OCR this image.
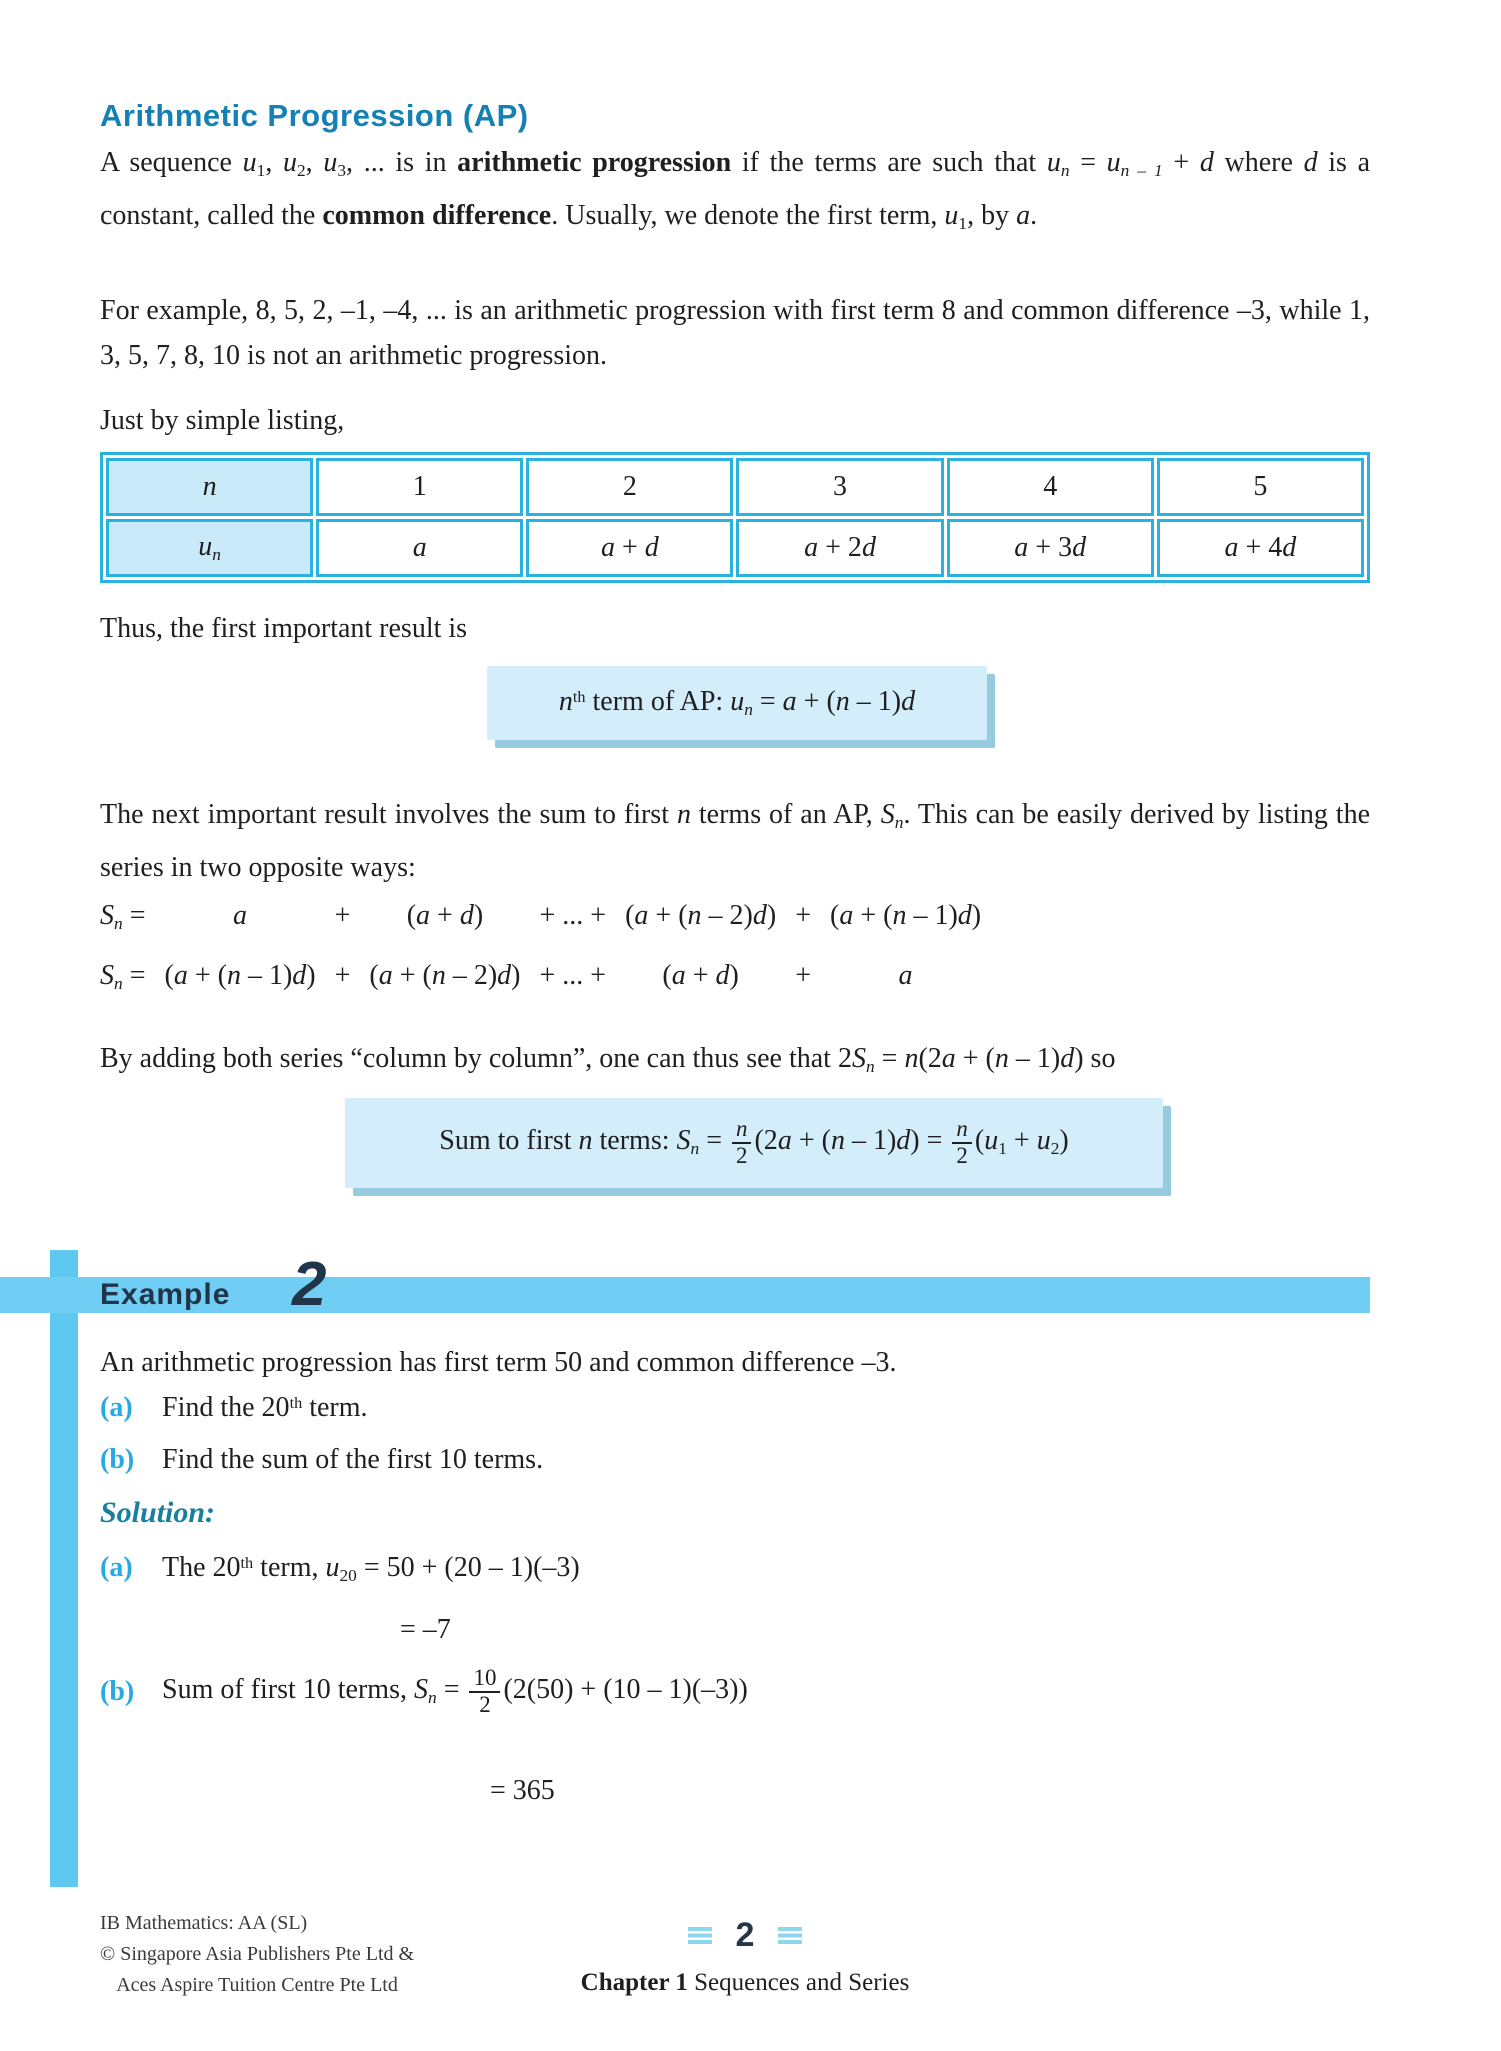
Arithmetic Progression (AP)
A sequence $u_1$, $u_2$, $u_3$, ... is in arithmetic progression if the terms are such that $u_n = u_{n - 1} + d$ where d is a constant, called the common difference. Usually, we denote the first term, $u_1$, by a.
For example, 8, 5, 2, –1, –4, ... is an arithmetic progression with first term 8 and common difference –3, while 1, 3, 5, 7, 8, 10 is not an arithmetic progression.
Just by simple listing,
n	1	2	3	4	5
$u_n$	a	a + d	a + 2d	a + 3d	a + 4d
Thus, the first important result is
$n^{th}$ term of AP: $u_n = a + (n - 1)d$
The next important result involves the sum to first n terms of an AP, $S_n$. This can be easily derived by listing the series in two opposite ways:
$S_n$ =	a	+ (a + d) + ... + (a + (n – 2)d) + (a + (n – 1)d)
$S_n = (a + (n - 1)d) + (a + (n - 2)d)$ + ... + (a + d) +	a
By adding both series “column by column”, one can thus see that $2S_n = n(2a + (n - 1)d)$ so
Sum to first n terms: $S_n = \frac{n}{2} (2a + (n - 1)d) = \frac{n}{2} (u_1 + u_2)$
Example 2
An arithmetic progression has first term 50 and common difference –3.
(a)	Find the 20th term.
(b) Find the sum of the first 10 terms.
Solution:
(a)	The 20th term, $u_{20} = 50 + (20 - 1)(-3)$
= –7
(b) Sum of first 10 terms, $S_n = \frac{10}{2} (2(50) + (10 - 1)(-3))$
= 365
IB Mathematics: AA (SL)
© Singapore Asia Publishers Pte Ltd &
Aces Aspire Tuition Centre Pte Ltd
2
Chapter 1 Sequences and Series
